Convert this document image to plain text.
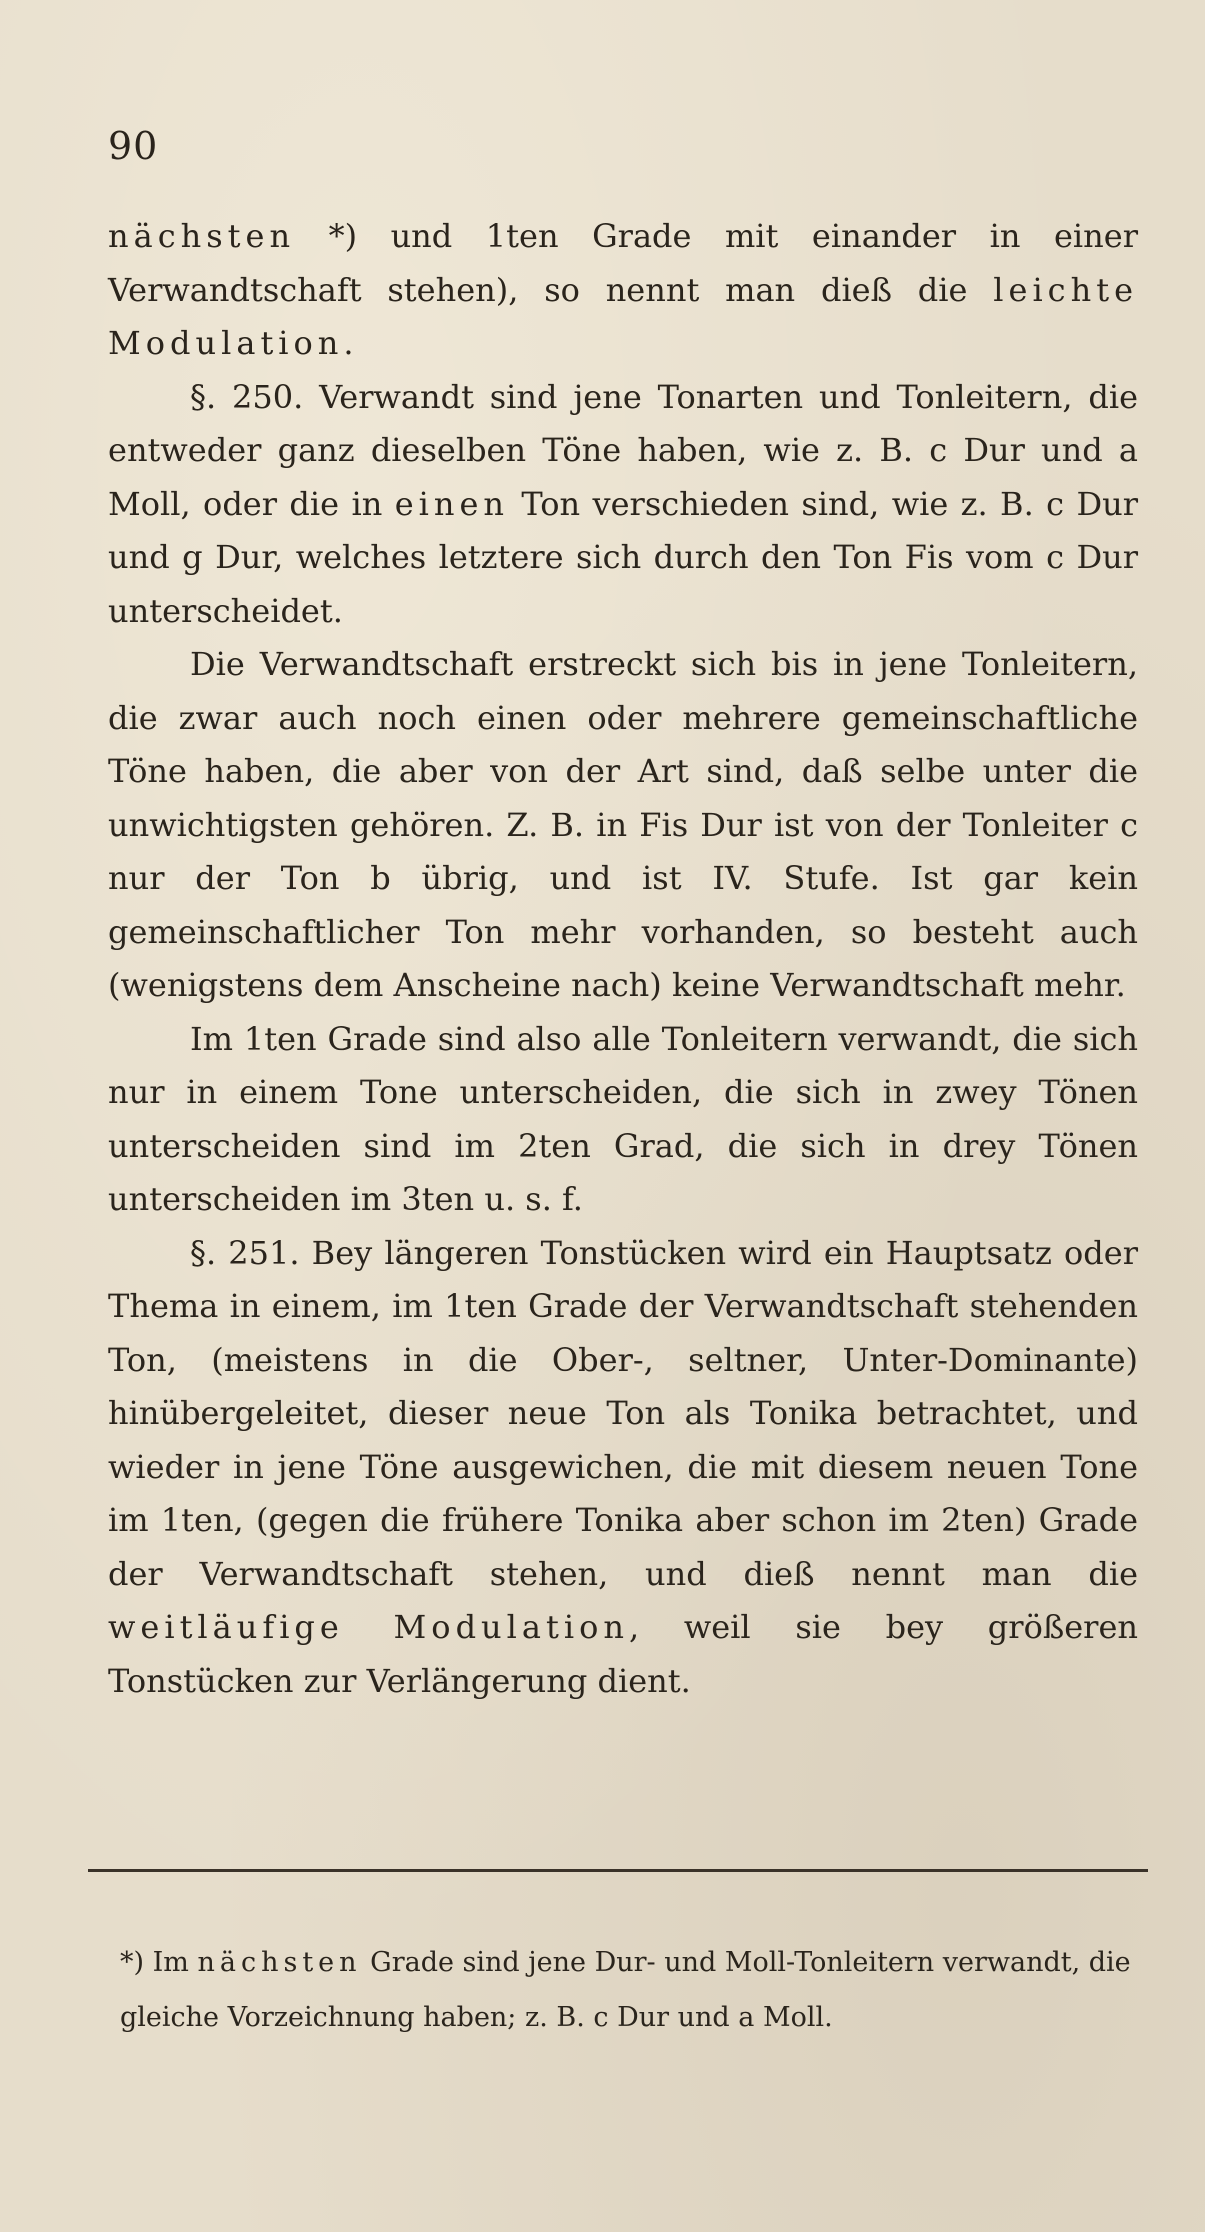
90

nächsten *) und 1ten Grade mit einander in einer Verwandtschaft stehen), so nennt man dieß die leichte Modulation.

§. 250. Verwandt sind jene Tonarten und Tonleitern, die entweder ganz dieselben Töne haben, wie z. B. c Dur und a Moll, oder die in einen Ton verschieden sind, wie z. B. c Dur und g Dur, welches letztere sich durch den Ton Fis vom c Dur unterscheidet.

Die Verwandtschaft erstreckt sich bis in jene Tonleitern, die zwar auch noch einen oder mehrere gemeinschaftliche Töne haben, die aber von der Art sind, daß selbe unter die unwichtigsten gehören. Z. B. in Fis Dur ist von der Tonleiter c nur der Ton b übrig, und ist IV. Stufe. Ist gar kein gemeinschaftlicher Ton mehr vorhanden, so besteht auch (wenigstens dem Anscheine nach) keine Verwandtschaft mehr.

Im 1ten Grade sind also alle Tonleitern verwandt, die sich nur in einem Tone unterscheiden, die sich in zwey Tönen unterscheiden sind im 2ten Grad, die sich in drey Tönen unterscheiden im 3ten u. s. f.

§. 251. Bey längeren Tonstücken wird ein Hauptsatz oder Thema in einem, im 1ten Grade der Verwandtschaft stehenden Ton, (meistens in die Ober-, seltner, Unter-Dominante) hinübergeleitet, dieser neue Ton als Tonika betrachtet, und wieder in jene Töne ausgewichen, die mit diesem neuen Tone im 1ten, (gegen die frühere Tonika aber schon im 2ten) Grade der Verwandtschaft stehen, und dieß nennt man die weitläufige Modulation, weil sie bey größeren Tonstücken zur Verlängerung dient.

*) Im nächsten Grade sind jene Dur- und Moll-Tonleitern verwandt, die gleiche Vorzeichnung haben; z. B. c Dur und a Moll.
